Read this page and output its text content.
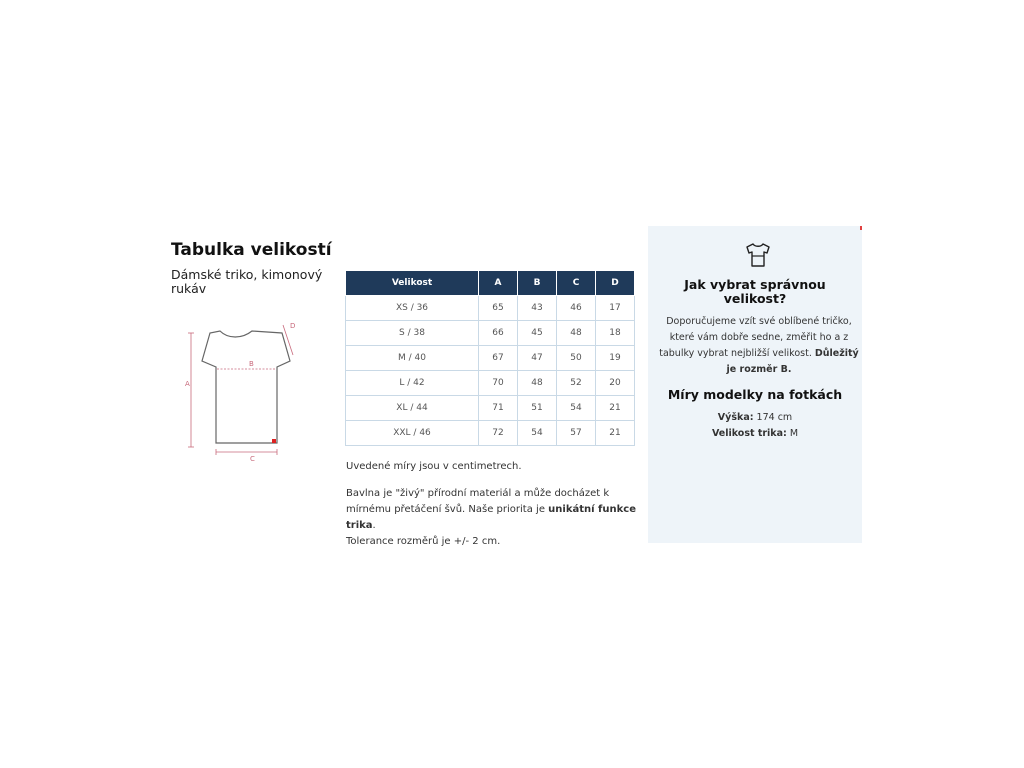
Tabulka velikostí

Dámské triko, kimonový rukáv

A
B
C
D
Velikost	A	B	C	D
XS / 36	65	43	46	17
S / 38	66	45	48	18
M / 40	67	47	50	19
L / 42	70	48	52	20
XL / 44	71	51	54	21
XXL / 46	72	54	57	21

Uvedené míry jsou v centimetrech.

Bavlna je "živý" přírodní materiál a může docházet k mírnému přetáčení švů. Naše priorita je unikátní funkce trika.
Tolerance rozměrů je +/- 2 cm.

Jak vybrat správnou velikost?

Doporučujeme vzít své oblíbené tričko, které vám dobře sedne, změřit ho a z tabulky vybrat nejbližší velikost. Důležitý je rozměr B.

Míry modelky na fotkách
Výška: 174 cm
Velikost trika: M
